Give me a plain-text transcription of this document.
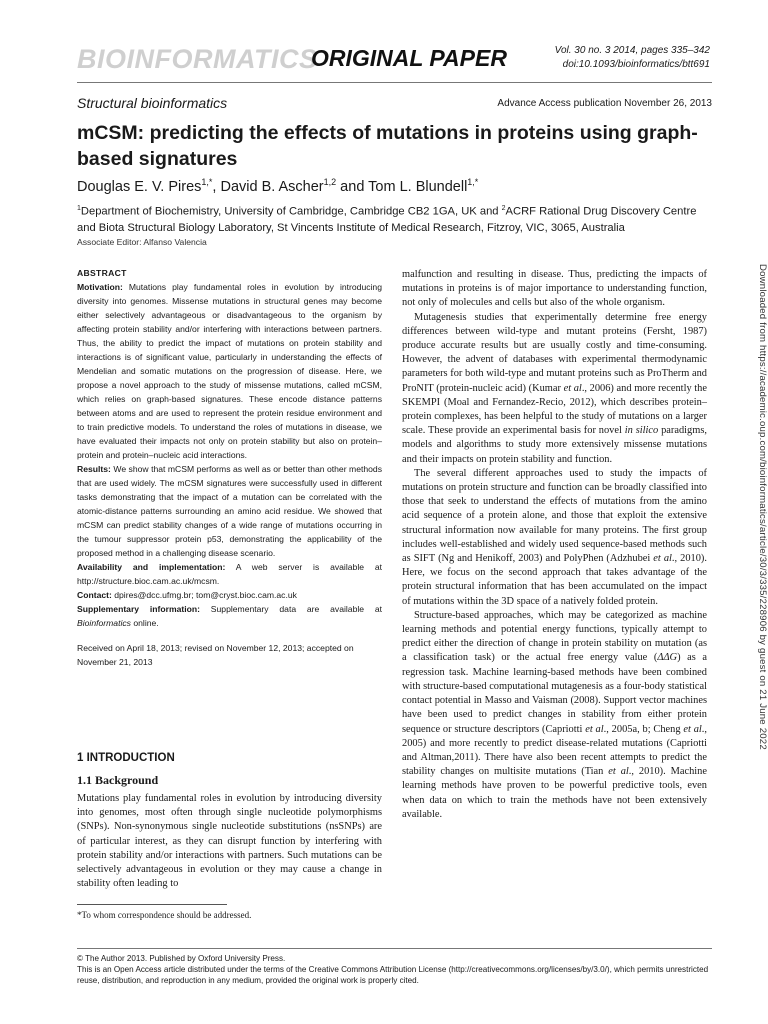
BIOINFORMATICS
ORIGINAL PAPER	Vol. 30 no. 3 2014, pages 335–342
doi:10.1093/bioinformatics/btt691
Structural bioinformatics	Advance Access publication November 26, 2013
mCSM: predicting the effects of mutations in proteins using graph-based signatures
Douglas E. V. Pires$^{1,*}$, David B. Ascher$^{1,2}$ and Tom L. Blundell$^{1,*}$
$^1$Department of Biochemistry, University of Cambridge, Cambridge CB2 1GA, UK and $^2$ACRF Rational Drug Discovery Centre and Biota Structural Biology Laboratory, St Vincents Institute of Medical Research, Fitzroy, VIC, 3065, Australia
Associate Editor: Alfanso Valencia
ABSTRACT

Motivation: Mutations play fundamental roles in evolution by introducing diversity into genomes. Missense mutations in structural genes may become either selectively advantageous or disadvantageous to the organism by affecting protein stability and/or interfering with interactions between partners. Thus, the ability to predict the impact of mutations on protein stability and interactions is of significant value, particularly in understanding the effects of Mendelian and somatic mutations on the progression of disease. Here, we propose a novel approach to the study of missense mutations, called mCSM, which relies on graph-based signatures. These encode distance patterns between atoms and are used to represent the protein residue environment and to train predictive models. To understand the roles of mutations in disease, we have evaluated their impacts not only on protein stability but also on protein–protein and protein–nucleic acid interactions.

Results: We show that mCSM performs as well as or better than other methods that are used widely. The mCSM signatures were successfully used in different tasks demonstrating that the impact of a mutation can be correlated with the atomic-distance patterns surrounding an amino acid residue. We showed that mCSM can predict stability changes of a wide range of mutations occurring in the tumour suppressor protein p53, demonstrating the applicability of the proposed method in a challenging disease scenario.

Availability and implementation: A web server is available at http://structure.bioc.cam.ac.uk/mcsm.

Contact: dpires@dcc.ufmg.br; tom@cryst.bioc.cam.ac.uk

Supplementary information: Supplementary data are available at Bioinformatics online.

Received on April 18, 2013; revised on November 12, 2013; accepted on November 21, 2013

1 INTRODUCTION
1.1 Background

Mutations play fundamental roles in evolution by introducing diversity into genomes, most often through single nucleotide polymorphisms (SNPs). Non-synonymous single nucleotide substitutions (nsSNPs) are of particular interest, as they can disrupt function by interfering with protein stability and/or interactions with partners. Such mutations can be selectively advantageous in evolution or they may cause a change in stability often leading to

*To whom correspondence should be addressed.

malfunction and resulting in disease. Thus, predicting the impacts of mutations in proteins is of major importance to understanding function, not only of molecules and cells but also of the whole organism.

Mutagenesis studies that experimentally determine free energy differences between wild-type and mutant proteins (Fersht, 1987) produce accurate results but are usually costly and time-consuming. However, the advent of databases with experimental thermodynamic parameters for both wild-type and mutant proteins such as ProTherm and ProNIT (protein-nucleic acid) (Kumar et al., 2006) and more recently the SKEMPI (Moal and Fernandez-Recio, 2012), which describes protein–protein complexes, has been helpful to the study of mutations on a larger scale. These provide an experimental basis for novel in silico paradigms, models and algorithms to study more extensively missense mutations and their impacts on protein stability and function.

The several different approaches used to study the impacts of mutations on protein structure and function can be broadly classified into those that seek to understand the effects of mutations from the amino acid sequence of a protein alone, and those that exploit the extensive structural information now available for many proteins. The first group includes well-established and widely used sequence-based methods such as SIFT (Ng and Henikoff, 2003) and PolyPhen (Adzhubei et al., 2010). Here, we focus on the second approach that takes advantage of the protein structural information that has been accumulated on the impact of mutations within the 3D space of a natively folded protein.

Structure-based approaches, which may be categorized as machine learning methods and potential energy functions, typically attempt to predict either the direction of change in protein stability on mutation (as a classification task) or the actual free energy value (ΔΔG) as a regression task. Machine learning-based methods have been combined with structure-based computational mutagenesis as a four-body statistical contact potential in Masso and Vaisman (2008). Support vector machines have been used to predict changes in stability from either protein sequence or structure descriptors (Capriotti et al., 2005a, b; Cheng et al., 2005) and more recently to predict disease-related mutations (Capriotti and Altman,2011). There have also been recent attempts to predict the stability changes on multisite mutations (Tian et al., 2010). Machine learning methods have proven to be powerful predictive tools, even when data on which to train the methods have not been extensively available.

Downloaded from https://academic.oup.com/bioinformatics/article/30/3/335/228906 by guest on 21 June 2022

© The Author 2013. Published by Oxford University Press.

This is an Open Access article distributed under the terms of the Creative Commons Attribution License (http://creativecommons.org/licenses/by/3.0/), which permits unrestricted reuse, distribution, and reproduction in any medium, provided the original work is properly cited.
